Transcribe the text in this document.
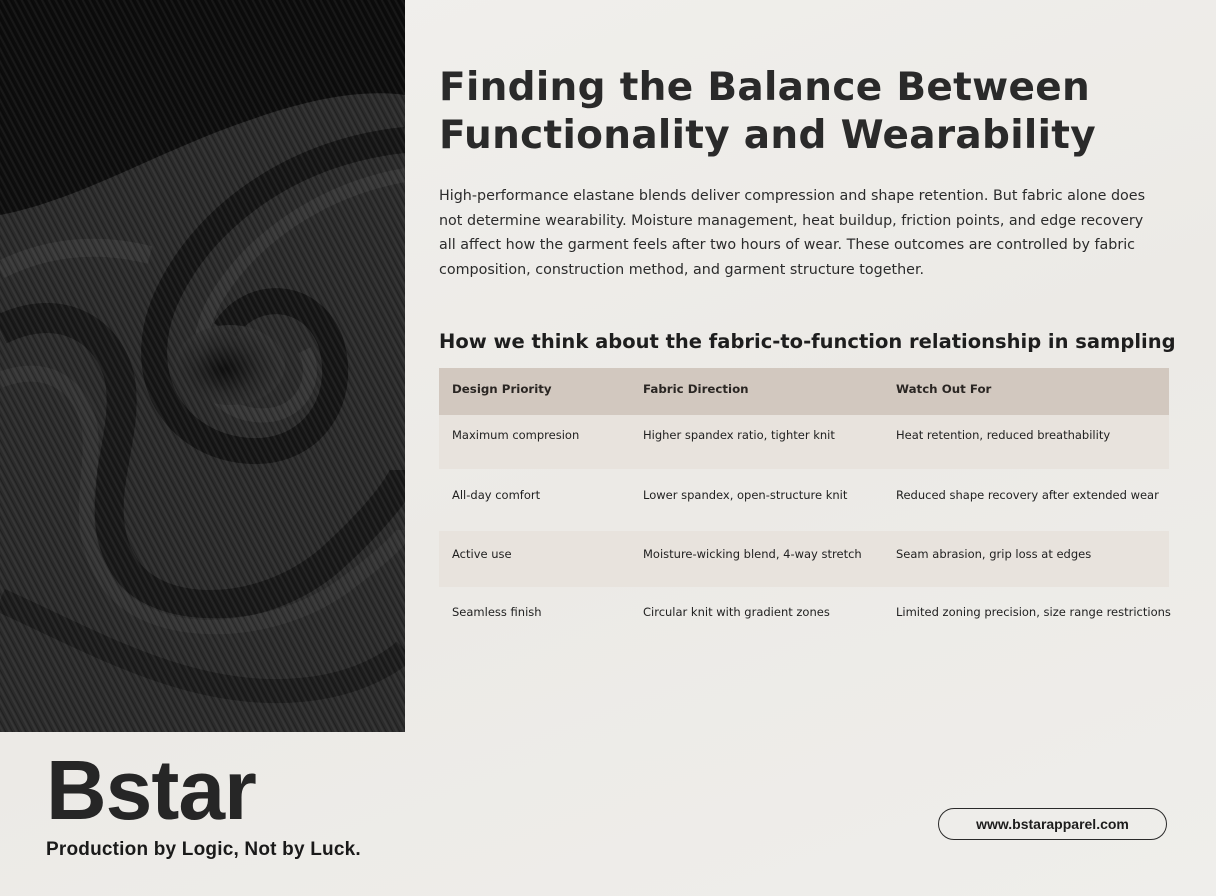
Finding the Balance Between
Functionality and Wearability

High-performance elastane blends deliver compression and shape retention. But fabric alone does not determine wearability. Moisture management, heat buildup, friction points, and edge recovery all affect how the garment feels after two hours of wear. These outcomes are controlled by fabric composition, construction method, and garment structure together.

How we think about the fabric-to-function relationship in sampling
Design Priority	Fabric Direction	Watch Out For
Maximum compresion	Higher spandex ratio, tighter knit	Heat retention, reduced breathability
All-day comfort	Lower spandex, open-structure knit	Reduced shape recovery after extended wear
Active use	Moisture-wicking blend, 4-way stretch	Seam abrasion, grip loss at edges
Seamless finish	Circular knit with gradient zones	Limited zoning precision, size range restrictions
Bstar
Production by Logic, Not by Luck.
www.bstarapparel.com
